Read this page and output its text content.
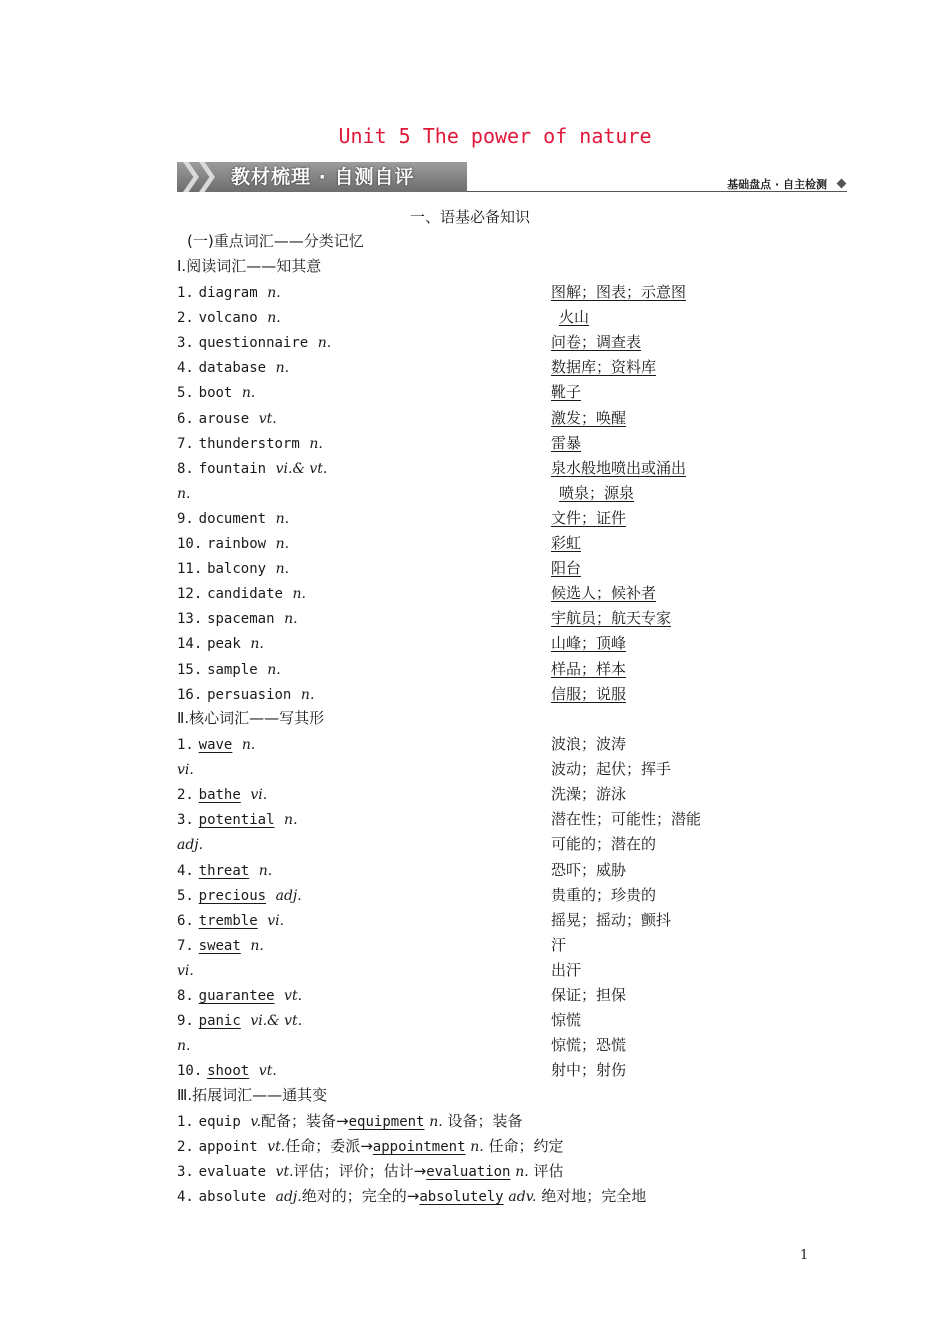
Unit 5 The power of nature
教材梳理 · 自测自评	基础盘点 · 自主检测
一、语基必备知识
(一)重点词汇——分类记忆
Ⅰ.阅读词汇——知其意
1. diagram n.	图解；图表；示意图
2. volcano n.	火山
3. questionnaire n.	问卷；调查表
4. database n.	数据库；资料库
5. boot n.	靴子
6. arouse vt.	激发；唤醒
7. thunderstorm n.	雷暴
8. fountain vi.& vt.	泉水般地喷出或涌出
n.	喷泉；源泉
9. document n.	文件；证件
10. rainbow n.	彩虹
11. balcony n.	阳台
12. candidate n.	候选人；候补者
13. spaceman n.	宇航员；航天专家
14. peak n.	山峰；顶峰
15. sample n.	样品；样本
16. persuasion n.	信服；说服
Ⅱ.核心词汇——写其形
1. wave n.	波浪；波涛
vi.	波动；起伏；挥手
2. bathe vi.	洗澡；游泳
3. potential n.	潜在性；可能性；潜能
adj.	可能的；潜在的
4. threat n.	恐吓；威胁
5. precious adj.	贵重的；珍贵的
6. tremble vi.	摇晃；摇动；颤抖
7. sweat n.	汗
vi.	出汗
8. guarantee vt.	保证；担保
9. panic vi.& vt.	惊慌
n.	惊慌；恐慌
10. shoot vt.	射中；射伤
Ⅲ.拓展词汇——通其变
1. equip v.配备；装备→equipment n. 设备；装备
2. appoint vt.任命；委派→appointment n. 任命；约定
3. evaluate vt.评估；评价；估计→evaluation n. 评估
4. absolute adj.绝对的；完全的→absolutely adv. 绝对地；完全地
1
